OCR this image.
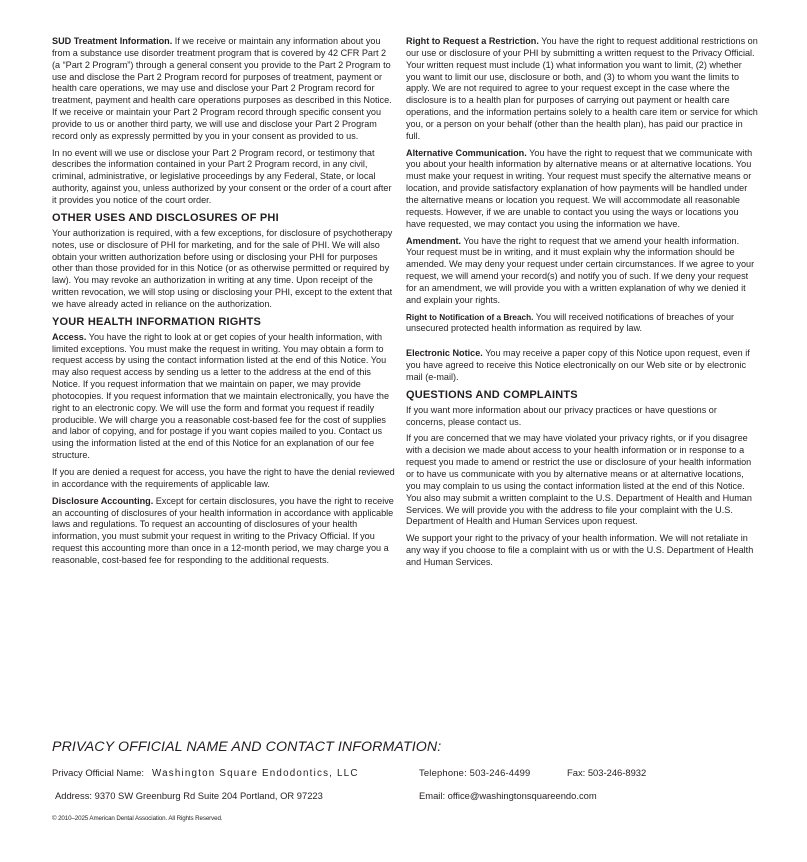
SUD Treatment Information. If we receive or maintain any information about you from a substance use disorder treatment program that is covered by 42 CFR Part 2 (a “Part 2 Program”) through a general consent you provide to the Part 2 Program to use and disclose the Part 2 Program record for purposes of treatment, payment or health care operations, we may use and disclose your Part 2 Program record for treatment, payment and health care operations purposes as described in this Notice. If we receive or maintain your Part 2 Program record through specific consent you provide to us or another third party, we will use and disclose your Part 2 Program record only as expressly permitted by you in your consent as provided to us.

In no event will we use or disclose your Part 2 Program record, or testimony that describes the information contained in your Part 2 Program record, in any civil, criminal, administrative, or legislative proceedings by any Federal, State, or local authority, against you, unless authorized by your consent or the order of a court after it provides you notice of the court order.

OTHER USES AND DISCLOSURES OF PHI

Your authorization is required, with a few exceptions, for disclosure of psychotherapy notes, use or disclosure of PHI for marketing, and for the sale of PHI. We will also obtain your written authorization before using or disclosing your PHI for purposes other than those provided for in this Notice (or as otherwise permitted or required by law). You may revoke an authorization in writing at any time. Upon receipt of the written revocation, we will stop using or disclosing your PHI, except to the extent that we have already acted in reliance on the authorization.

YOUR HEALTH INFORMATION RIGHTS

Access. You have the right to look at or get copies of your health information, with limited exceptions. You must make the request in writing. You may obtain a form to request access by using the contact information listed at the end of this Notice. You may also request access by sending us a letter to the address at the end of this Notice. If you request information that we maintain on paper, we may provide photocopies. If you request information that we maintain electronically, you have the right to an electronic copy. We will use the form and format you request if readily producible. We will charge you a reasonable cost-based fee for the cost of supplies and labor of copying, and for postage if you want copies mailed to you. Contact us using the information listed at the end of this Notice for an explanation of our fee structure.

If you are denied a request for access, you have the right to have the denial reviewed in accordance with the requirements of applicable law.

Disclosure Accounting. Except for certain disclosures, you have the right to receive an accounting of disclosures of your health information in accordance with applicable laws and regulations. To request an accounting of disclosures of your health information, you must submit your request in writing to the Privacy Official. If you request this accounting more than once in a 12-month period, we may charge you a reasonable, cost-based fee for responding to the additional requests.

Right to Request a Restriction. You have the right to request additional restrictions on our use or disclosure of your PHI by submitting a written request to the Privacy Official. Your written request must include (1) what information you want to limit, (2) whether you want to limit our use, disclosure or both, and (3) to whom you want the limits to apply. We are not required to agree to your request except in the case where the disclosure is to a health plan for purposes of carrying out payment or health care operations, and the information pertains solely to a health care item or service for which you, or a person on your behalf (other than the health plan), has paid our practice in full.

Alternative Communication. You have the right to request that we communicate with you about your health information by alternative means or at alternative locations. You must make your request in writing. Your request must specify the alternative means or location, and provide satisfactory explanation of how payments will be handled under the alternative means or location you request. We will accommodate all reasonable requests. However, if we are unable to contact you using the ways or locations you have requested, we may contact you using the information we have.

Amendment. You have the right to request that we amend your health information. Your request must be in writing, and it must explain why the information should be amended. We may deny your request under certain circumstances. If we agree to your request, we will amend your record(s) and notify you of such. If we deny your request for an amendment, we will provide you with a written explanation of why we denied it and explain your rights.

Right to Notification of a Breach. You will received notifications of breaches of your unsecured protected health information as required by law.

Electronic Notice. You may receive a paper copy of this Notice upon request, even if you have agreed to receive this Notice electronically on our Web site or by electronic mail (e-mail).

QUESTIONS AND COMPLAINTS

If you want more information about our privacy practices or have questions or concerns, please contact us.

If you are concerned that we may have violated your privacy rights, or if you disagree with a decision we made about access to your health information or in response to a request you made to amend or restrict the use or disclosure of your health information or to have us communicate with you by alternative means or at alternative locations, you may complain to us using the contact information listed at the end of this Notice. You also may submit a written complaint to the U.S. Department of Health and Human Services. We will provide you with the address to file your complaint with the U.S. Department of Health and Human Services upon request.

We support your right to the privacy of your health information. We will not retaliate in any way if you choose to file a complaint with us or with the U.S. Department of Health and Human Services.

PRIVACY OFFICIAL NAME AND CONTACT INFORMATION:
Privacy Official Name: Washington Square Endodontics, LLC	Telephone: 503-246-4499	Fax: 503-246-8932
Address: 9370 SW Greenburg Rd Suite 204 Portland, OR 97223	Email: office@washingtonsquareendo.com
© 2010–2025 American Dental Association. All Rights Reserved.
